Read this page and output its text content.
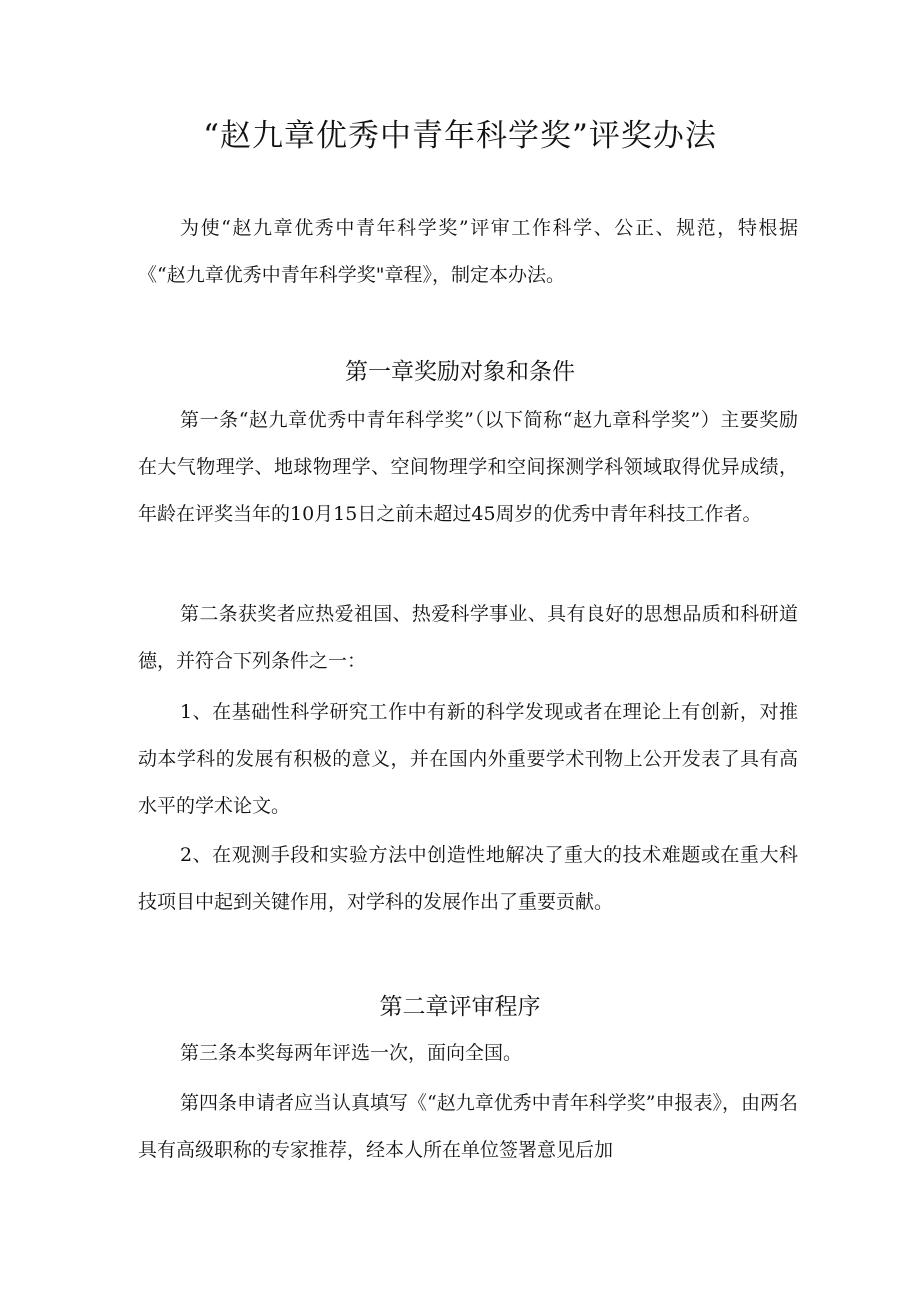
“赵九章优秀中青年科学奖”评奖办法

为使“赵九章优秀中青年科学奖”评审工作科学、公正、规范，特根据《“赵九章优秀中青年科学奖"章程》，制定本办法。

第一章奖励对象和条件

第一条“赵九章优秀中青年科学奖”（以下简称“赵九章科学奖”）主要奖励在大气物理学、地球物理学、空间物理学和空间探测学科领域取得优异成绩，年龄在评奖当年的10月15日之前未超过45周岁的优秀中青年科技工作者。

第二条获奖者应热爱祖国、热爱科学事业、具有良好的思想品质和科研道德，并符合下列条件之一：

1、在基础性科学研究工作中有新的科学发现或者在理论上有创新，对推动本学科的发展有积极的意义，并在国内外重要学术刊物上公开发表了具有高水平的学术论文。

2、在观测手段和实验方法中创造性地解决了重大的技术难题或在重大科技项目中起到关键作用，对学科的发展作出了重要贡献。

第二章评审程序

第三条本奖每两年评选一次，面向全国。

第四条申请者应当认真填写《“赵九章优秀中青年科学奖”申报表》，由两名具有高级职称的专家推荐，经本人所在单位签署意见后加
